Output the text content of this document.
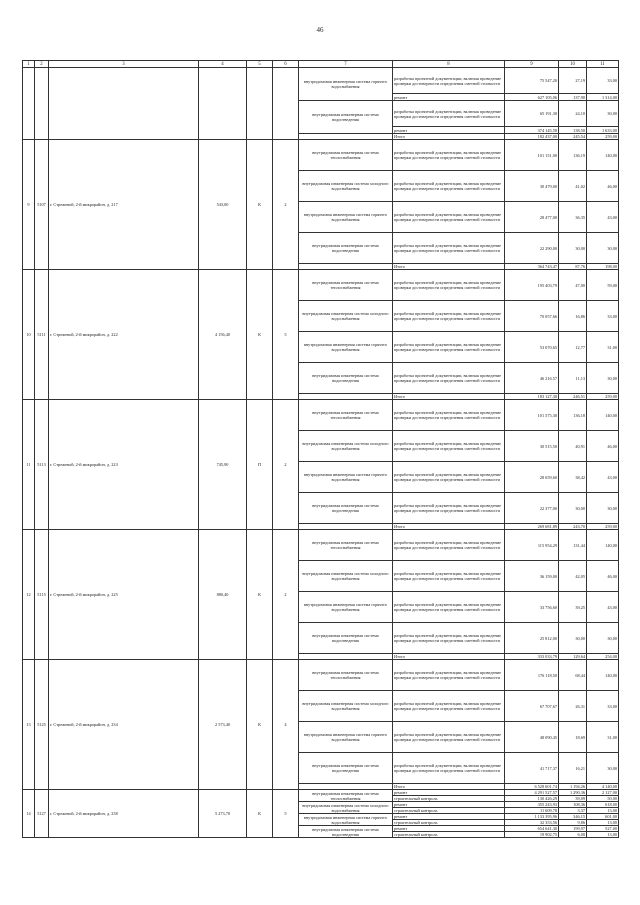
46
1	2	3	4	5	6	7	8	9	10	11
						внутридомовая инженерная система горячего водоснабжения	разработка проектной документации, включая проведение проверки достоверности определения сметной стоимости	75 547,20	27,19	33,00
							ремонт	627 105,06	137,90	1 314,00
						внутридомовая инженерная система водоотведения	разработка проектной документации, включая проведение проверки достоверности определения сметной стоимости	65 191,30	24,10	30,00
							ремонт	374 145,58	138,50	1 633,00
							Итого	182 437,00	245,54	259,00
9	5107	г. Стрежевой, 2-й микрорайон, д. 217	543,00	К	2	внутридомовая инженерная система теплоснабжения	разработка проектной документации, включая проведение проверки достоверности определения сметной стоимости	101 151,00	136,19	140,00
						внутридомовая инженерная система холодного водоснабжения	разработка проектной документации, включая проведение проверки достоверности определения сметной стоимости	30 479,00	41,02	46,00
						внутридомовая инженерная система горячего водоснабжения	разработка проектной документации, включая проведение проверки достоверности определения сметной стоимости	28 477,00	36,35	43,00
						внутридомовая инженерная система водоотведения	разработка проектной документации, включая проведение проверки достоверности определения сметной стоимости	22 290,00	30,00	30,00
							Итого	364 743,47	87,76	198,00
10	5111	г. Стрежевой, 2-й микрорайон, д. 222	4 156,40	К	5	внутридомовая инженерная система теплоснабжения	разработка проектной документации, включая проведение проверки достоверности определения сметной стоимости	195 403,79	47,00	59,00
						внутридомовая инженерная система холодного водоснабжения	разработка проектной документации, включая проведение проверки достоверности определения сметной стоимости	70 057,66	16,86	33,00
						внутридомовая инженерная система горячего водоснабжения	разработка проектной документации, включая проведение проверки достоверности определения сметной стоимости	53 070,65	12,77	31,00
						внутридомовая инженерная система водоотведения	разработка проектной документации, включая проведение проверки достоверности определения сметной стоимости	46 216,57	11,13	30,00
							Итого	183 127,30	246,51	259,00
11	5113	г. Стрежевой, 2-й микрорайон, д. 223	745,90	П	2	внутридомовая инженерная система теплоснабжения	разработка проектной документации, включая проведение проверки достоверности определения сметной стоимости	101 575,30	136,18	140,00
						внутридомовая инженерная система холодного водоснабжения	разработка проектной документации, включая проведение проверки достоверности определения сметной стоимости	30 515,50	40,91	46,00
						внутридомовая инженерная система горячего водоснабжения	разработка проектной документации, включая проведение проверки достоверности определения сметной стоимости	28 659,60	38,42	43,00
						внутридомовая инженерная система водоотведения	разработка проектной документации, включая проведение проверки достоверности определения сметной стоимости	22 377,00	30,00	30,00
							Итого	269 681,89	243,70	259,00
12	5115	г. Стрежевой, 2-й микрорайон, д. 225	880,40	К	2	внутридомовая инженерная система теплоснабжения	разработка проектной документации, включая проведение проверки достоверности определения сметной стоимости	115 954,29	131,44	140,00
						внутридомовая инженерная система холодного водоснабжения	разработка проектной документации, включая проведение проверки достоверности определения сметной стоимости	36 159,00	42,05	46,00
						внутридомовая инженерная система горячего водоснабжения	разработка проектной документации, включая проведение проверки достоверности определения сметной стоимости	33 756,60	39,25	43,00
						внутридомовая инженерная система водоотведения	разработка проектной документации, включая проведение проверки достоверности определения сметной стоимости	25 812,00	30,00	30,00
							Итого	333 033,79	129,64	254,00
13	5125	г. Стрежевой, 2-й микрорайон, д. 234	2 573,40	К	4	внутридомовая инженерная система теплоснабжения	разработка проектной документации, включая проведение проверки достоверности определения сметной стоимости	176 118,50	68,44	140,00
						внутридомовая инженерная система холодного водоснабжения	разработка проектной документации, включая проведение проверки достоверности определения сметной стоимости	67 707,67	26,31	33,00
						внутридомовая инженерная система горячего водоснабжения	разработка проектной документации, включая проведение проверки достоверности определения сметной стоимости	48 090,45	18,69	31,00
						внутридомовая инженерная система водоотведения	разработка проектной документации, включая проведение проверки достоверности определения сметной стоимости	41 717,37	16,21	30,00
							Итого	6 528 601,74	1 194,26	4 140,00
14	5127	г. Стрежевой, 2-й микрорайон, д. 238	5 273,70	К	5	внутридомовая инженерная система теплоснабжения	ремонт	4 291 527,57	1 290,36	2 127,00
							строительный контроль	130 426,29	39,09	50,00
						внутридомовая инженерная система холодного водоснабжения	ремонт	355 243,93	108,36	618,00
							строительный контроль	11 609,78	3,37	13,00
						внутридомовая инженерная система горячего водоснабжения	ремонт	1 133 395,96	346,15	601,00
							строительный контроль	32 353,56	9,86	13,00
						внутридомовая инженерная система водоотведения	ремонт	654 641,30	199,97	527,00
							строительный контроль	19 902,75	6,00	13,00
